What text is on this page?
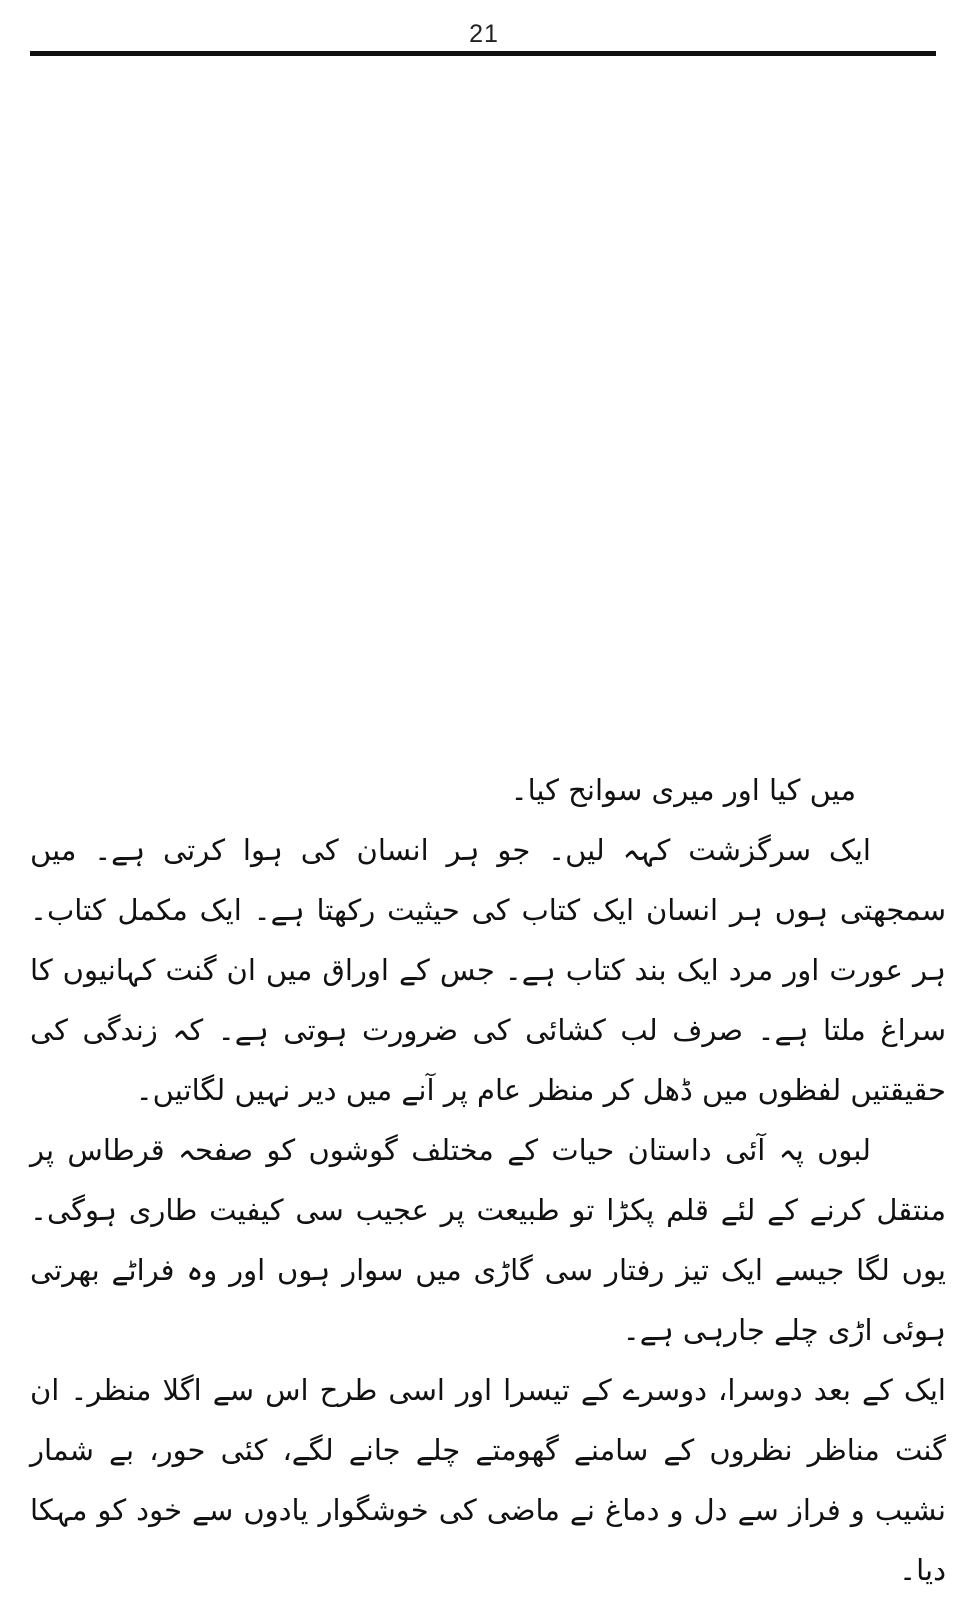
21

میں کیا اور میری سوانح کیا۔

ایک سرگزشت کہہ لیں۔ جو ہر انسان کی ہوا کرتی ہے۔ میں سمجھتی ہوں ہر انسان ایک کتاب کی حیثیت رکھتا ہے۔ ایک مکمل کتاب۔ ہر عورت اور مرد ایک بند کتاب ہے۔ جس کے اوراق میں ان گنت کہانیوں کا سراغ ملتا ہے۔ صرف لب کشائی کی ضرورت ہوتی ہے۔ کہ زندگی کی حقیقتیں لفظوں میں ڈھل کر منظر عام پر آنے میں دیر نہیں لگاتیں۔

لبوں پہ آئی داستان حیات کے مختلف گوشوں کو صفحہ قرطاس پر منتقل کرنے کے لئے قلم پکڑا تو طبیعت پر عجیب سی کیفیت طاری ہوگی۔ یوں لگا جیسے ایک تیز رفتار سی گاڑی میں سوار ہوں اور وہ فراٹے بھرتی ہوئی اڑی چلے جارہی ہے۔

ایک کے بعد دوسرا، دوسرے کے تیسرا اور اسی طرح اس سے اگلا منظر۔ ان گنت مناظر نظروں کے سامنے گھومتے چلے جانے لگے، کئی حور، بے شمار نشیب و فراز سے دل و دماغ نے ماضی کی خوشگوار یادوں سے خود کو مہکا دیا۔
